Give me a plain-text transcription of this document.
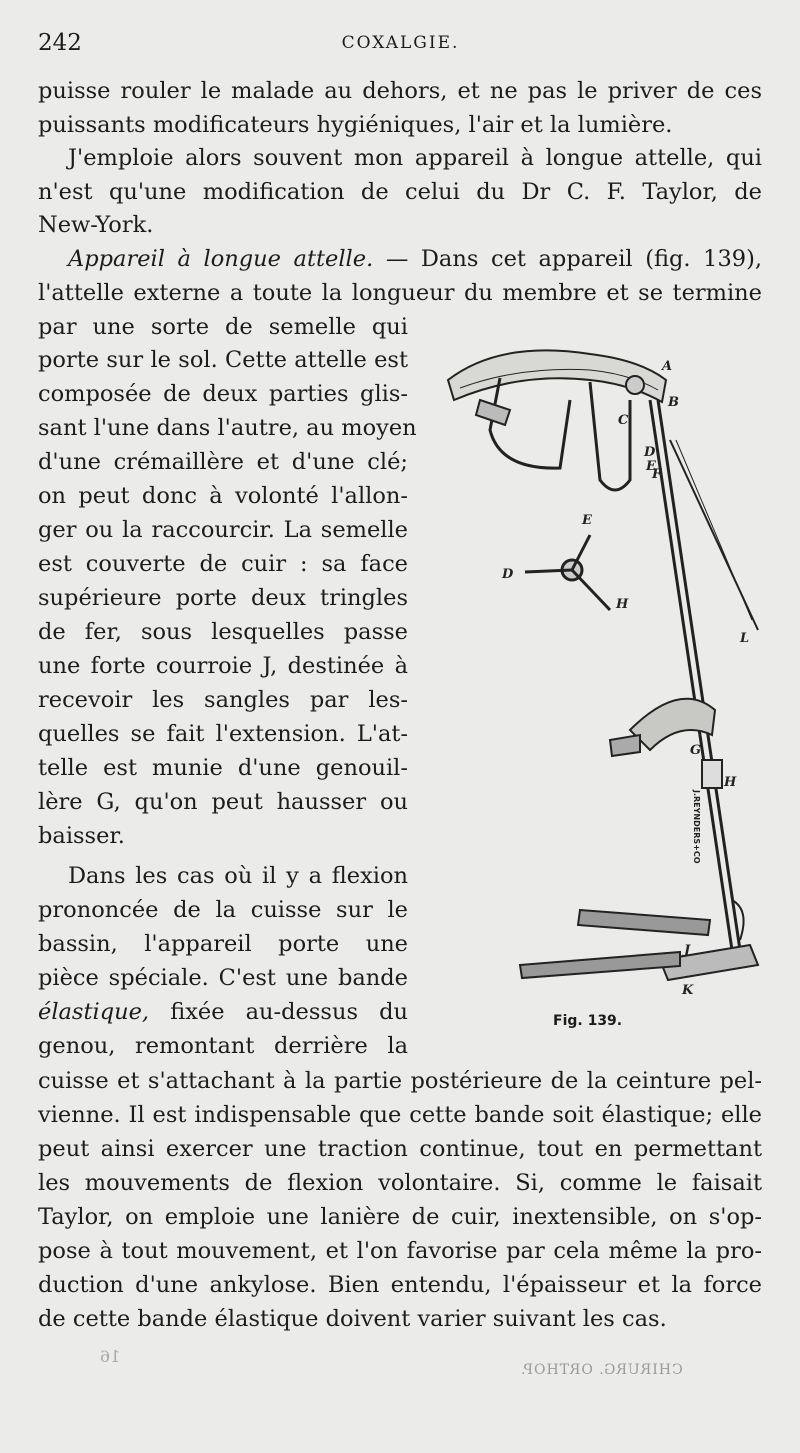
242	COXALGIE.
puisse rouler le malade au dehors, et ne pas le priver de ces
puissants modificateurs hygiéniques, l'air et la lumière.
J'emploie alors souvent mon appareil à longue attelle, qui
n'est qu'une modification de celui du Dr C. F. Taylor, de
New-York.
Appareil à longue attelle. — Dans cet appareil (fig. 139),
l'attelle externe a toute la longueur du membre et se termine
par une sorte de semelle qui
porte sur le sol. Cette attelle est
composée de deux parties glis-
sant l'une dans l'autre, au moyen
d'une crémaillère et d'une clé;
on peut donc à volonté l'allon-
ger ou la raccourcir. La semelle
est couverte de cuir : sa face
supérieure porte deux tringles
de fer, sous lesquelles passe
une forte courroie J, destinée à
recevoir les sangles par les-
quelles se fait l'extension. L'at-
telle est munie d'une genouil-
lère G, qu'on peut hausser ou
baisser.
Dans les cas où il y a flexion
prononcée de la cuisse sur le
bassin, l'appareil porte une
pièce spéciale. C'est une bande
élastique, fixée au-dessus du
genou, remontant derrière la
cuisse et s'attachant à la partie postérieure de la ceinture pel-
vienne. Il est indispensable que cette bande soit élastique; elle
peut ainsi exercer une traction continue, tout en permettant
les mouvements de flexion volontaire. Si, comme le faisait
Taylor, on emploie une lanière de cuir, inextensible, on s'op-
pose à tout mouvement, et l'on favorise par cela même la pro-
duction d'une ankylose. Bien entendu, l'épaisseur et la force
de cette bande élastique doivent varier suivant les cas.
A
B
C
D
E
F
E
D
H
L
G
H
J
K
J.REYNDERS+CO
Fig. 139.
CHIRURG. ORTHOP.
16
